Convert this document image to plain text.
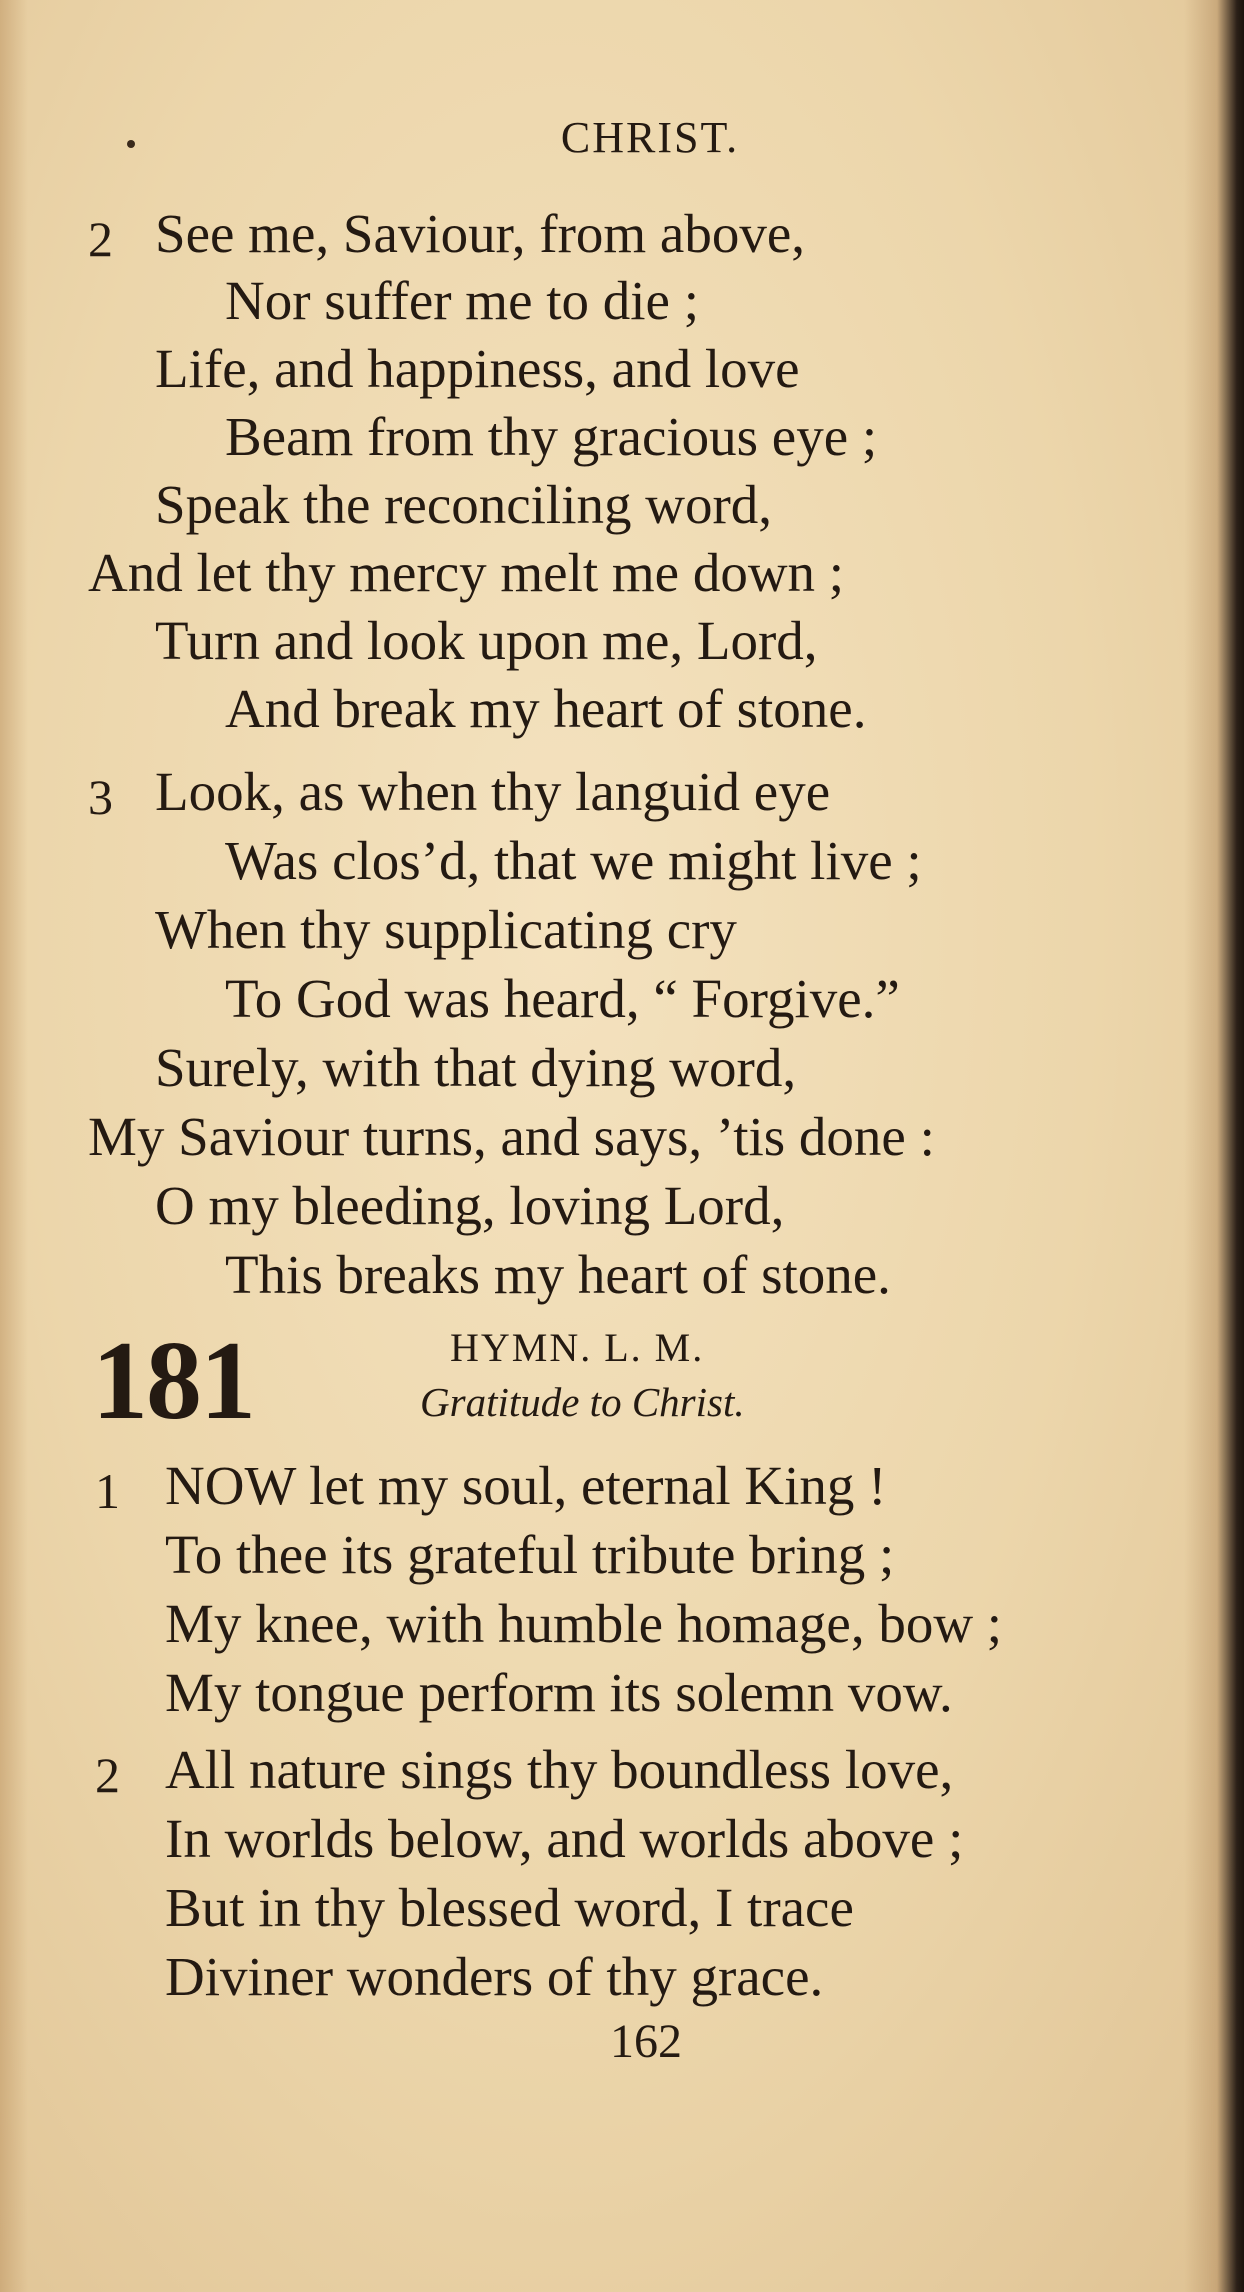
CHRIST.
2 See me, Saviour, from above,
Nor suffer me to die ;
Life, and happiness, and love
Beam from thy gracious eye ;
Speak the reconciling word,
And let thy mercy melt me down ;
Turn and look upon me, Lord,
And break my heart of stone.
3 Look, as when thy languid eye
Was clos’d, that we might live ;
When thy supplicating cry
To God was heard, “ Forgive.”
Surely, with that dying word,
My Saviour turns, and says, ’tis done :
O my bleeding, loving Lord,
This breaks my heart of stone.
181	HYMN. L. M.
Gratitude to Christ.
1 NOW let my soul, eternal King !
To thee its grateful tribute bring ;
My knee, with humble homage, bow ;
My tongue perform its solemn vow.
2 All nature sings thy boundless love,
In worlds below, and worlds above ;
But in thy blessed word, I trace
Diviner wonders of thy grace.
162
